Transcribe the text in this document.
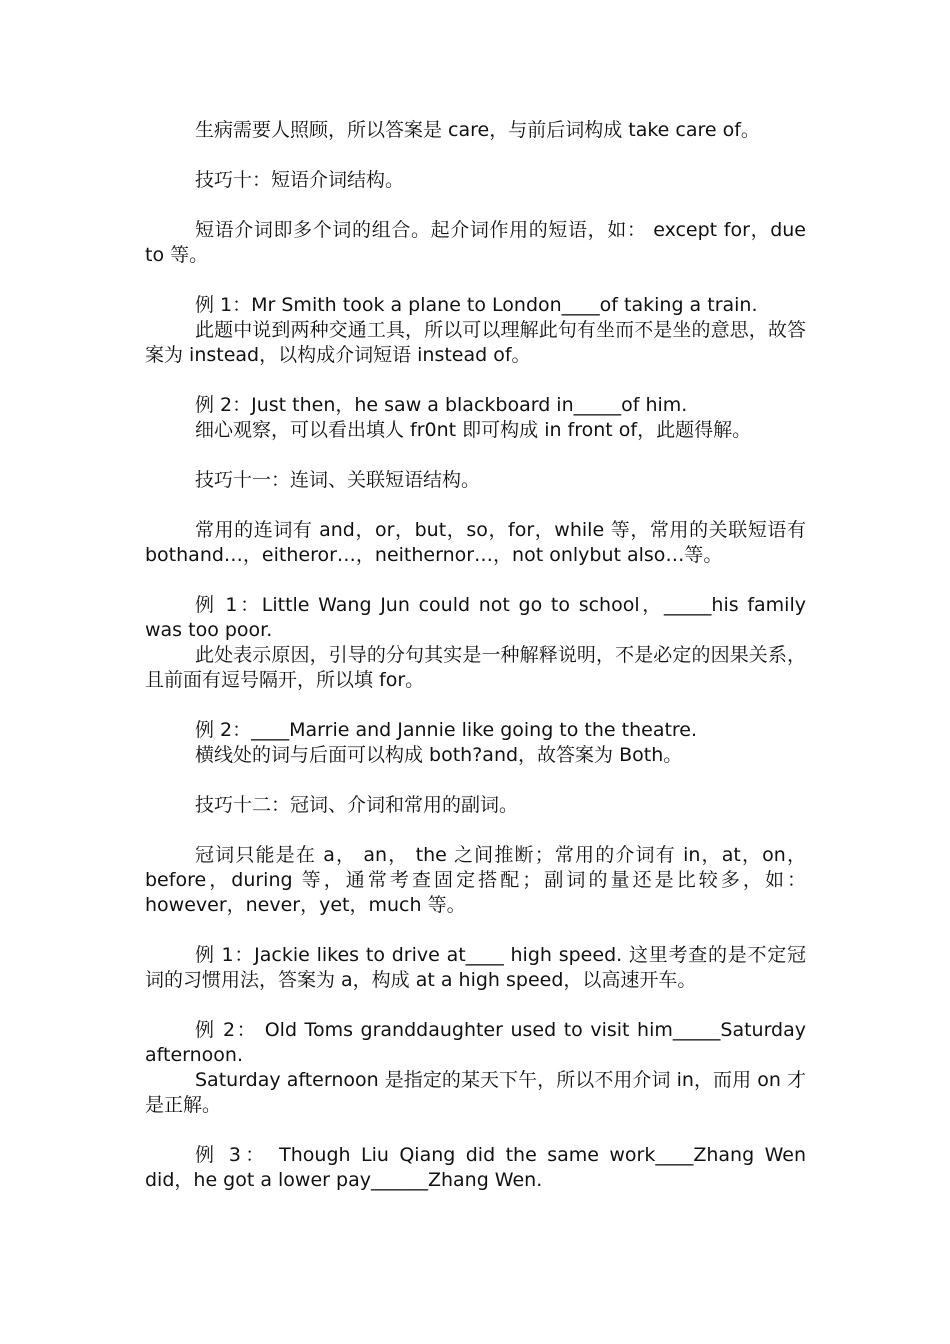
生病需要人照顾，所以答案是 care，与前后词构成 take care of。

技巧十：短语介词结构。

短语介词即多个词的组合。起介词作用的短语，如： except for，due to 等。

例 1：Mr Smith took a plane to London____of taking a train.

此题中说到两种交通工具，所以可以理解此句有坐而不是坐的意思，故答案为 instead，以构成介词短语 instead of。

例 2：Just then，he saw a blackboard in_____of him.

细心观察，可以看出填人 fr0nt 即可构成 in front of，此题得解。

技巧十一：连词、关联短语结构。

常用的连词有 and，or，but，so，for，while 等，常用的关联短语有 bothand…，eitheror…，neithernor…，not onlybut also…等。

例 1：Little Wang Jun could not go to school，_____his family was too poor.

此处表示原因，引导的分句其实是一种解释说明，不是必定的因果关系，且前面有逗号隔开，所以填 for。

例 2：____Marrie and Jannie like going to the theatre.

横线处的词与后面可以构成 both?and，故答案为 Both。

技巧十二：冠词、介词和常用的副词。

冠词只能是在 a， an， the 之间推断；常用的介词有 in，at，on，before，during 等，通常考查固定搭配；副词的量还是比较多，如：however，never，yet，much 等。

例 1：Jackie likes to drive at____ high speed. 这里考查的是不定冠词的习惯用法，答案为 a，构成 at a high speed，以高速开车。

例 2： Old Toms granddaughter used to visit him_____Saturday afternoon.

Saturday afternoon 是指定的某天下午，所以不用介词 in，而用 on 才是正解。

例 3： Though Liu Qiang did the same work____Zhang Wen did，he got a lower pay______Zhang Wen.
